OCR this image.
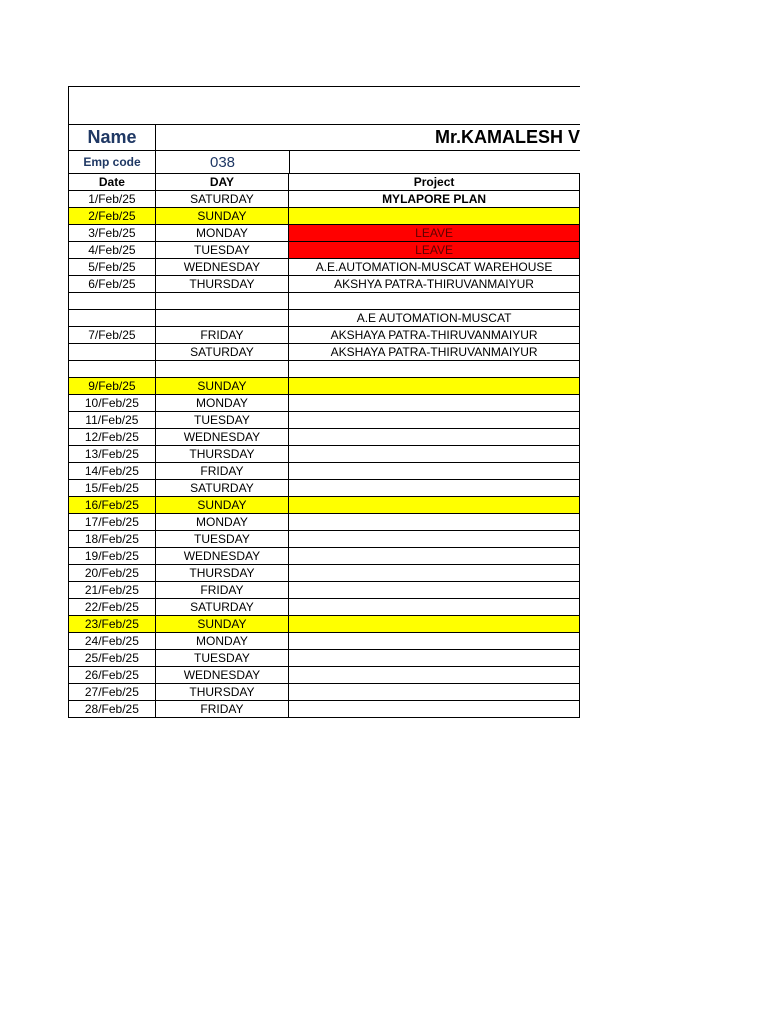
Name	Mr.KAMALESH V
Emp code	038
Date	DAY	Project
1/Feb/25	SATURDAY	MYLAPORE PLAN
2/Feb/25	SUNDAY	
3/Feb/25	MONDAY	LEAVE
4/Feb/25	TUESDAY	LEAVE
5/Feb/25	WEDNESDAY	A.E.AUTOMATION-MUSCAT WAREHOUSE
6/Feb/25	THURSDAY	AKSHYA PATRA-THIRUVANMAIYUR

		A.E AUTOMATION-MUSCAT
7/Feb/25	FRIDAY	AKSHAYA PATRA-THIRUVANMAIYUR
	SATURDAY	AKSHAYA PATRA-THIRUVANMAIYUR

9/Feb/25	SUNDAY	
10/Feb/25	MONDAY	
11/Feb/25	TUESDAY	
12/Feb/25	WEDNESDAY	
13/Feb/25	THURSDAY	
14/Feb/25	FRIDAY	
15/Feb/25	SATURDAY	
16/Feb/25	SUNDAY	
17/Feb/25	MONDAY	
18/Feb/25	TUESDAY	
19/Feb/25	WEDNESDAY	
20/Feb/25	THURSDAY	
21/Feb/25	FRIDAY	
22/Feb/25	SATURDAY	
23/Feb/25	SUNDAY	
24/Feb/25	MONDAY	
25/Feb/25	TUESDAY	
26/Feb/25	WEDNESDAY	
27/Feb/25	THURSDAY	
28/Feb/25	FRIDAY	
